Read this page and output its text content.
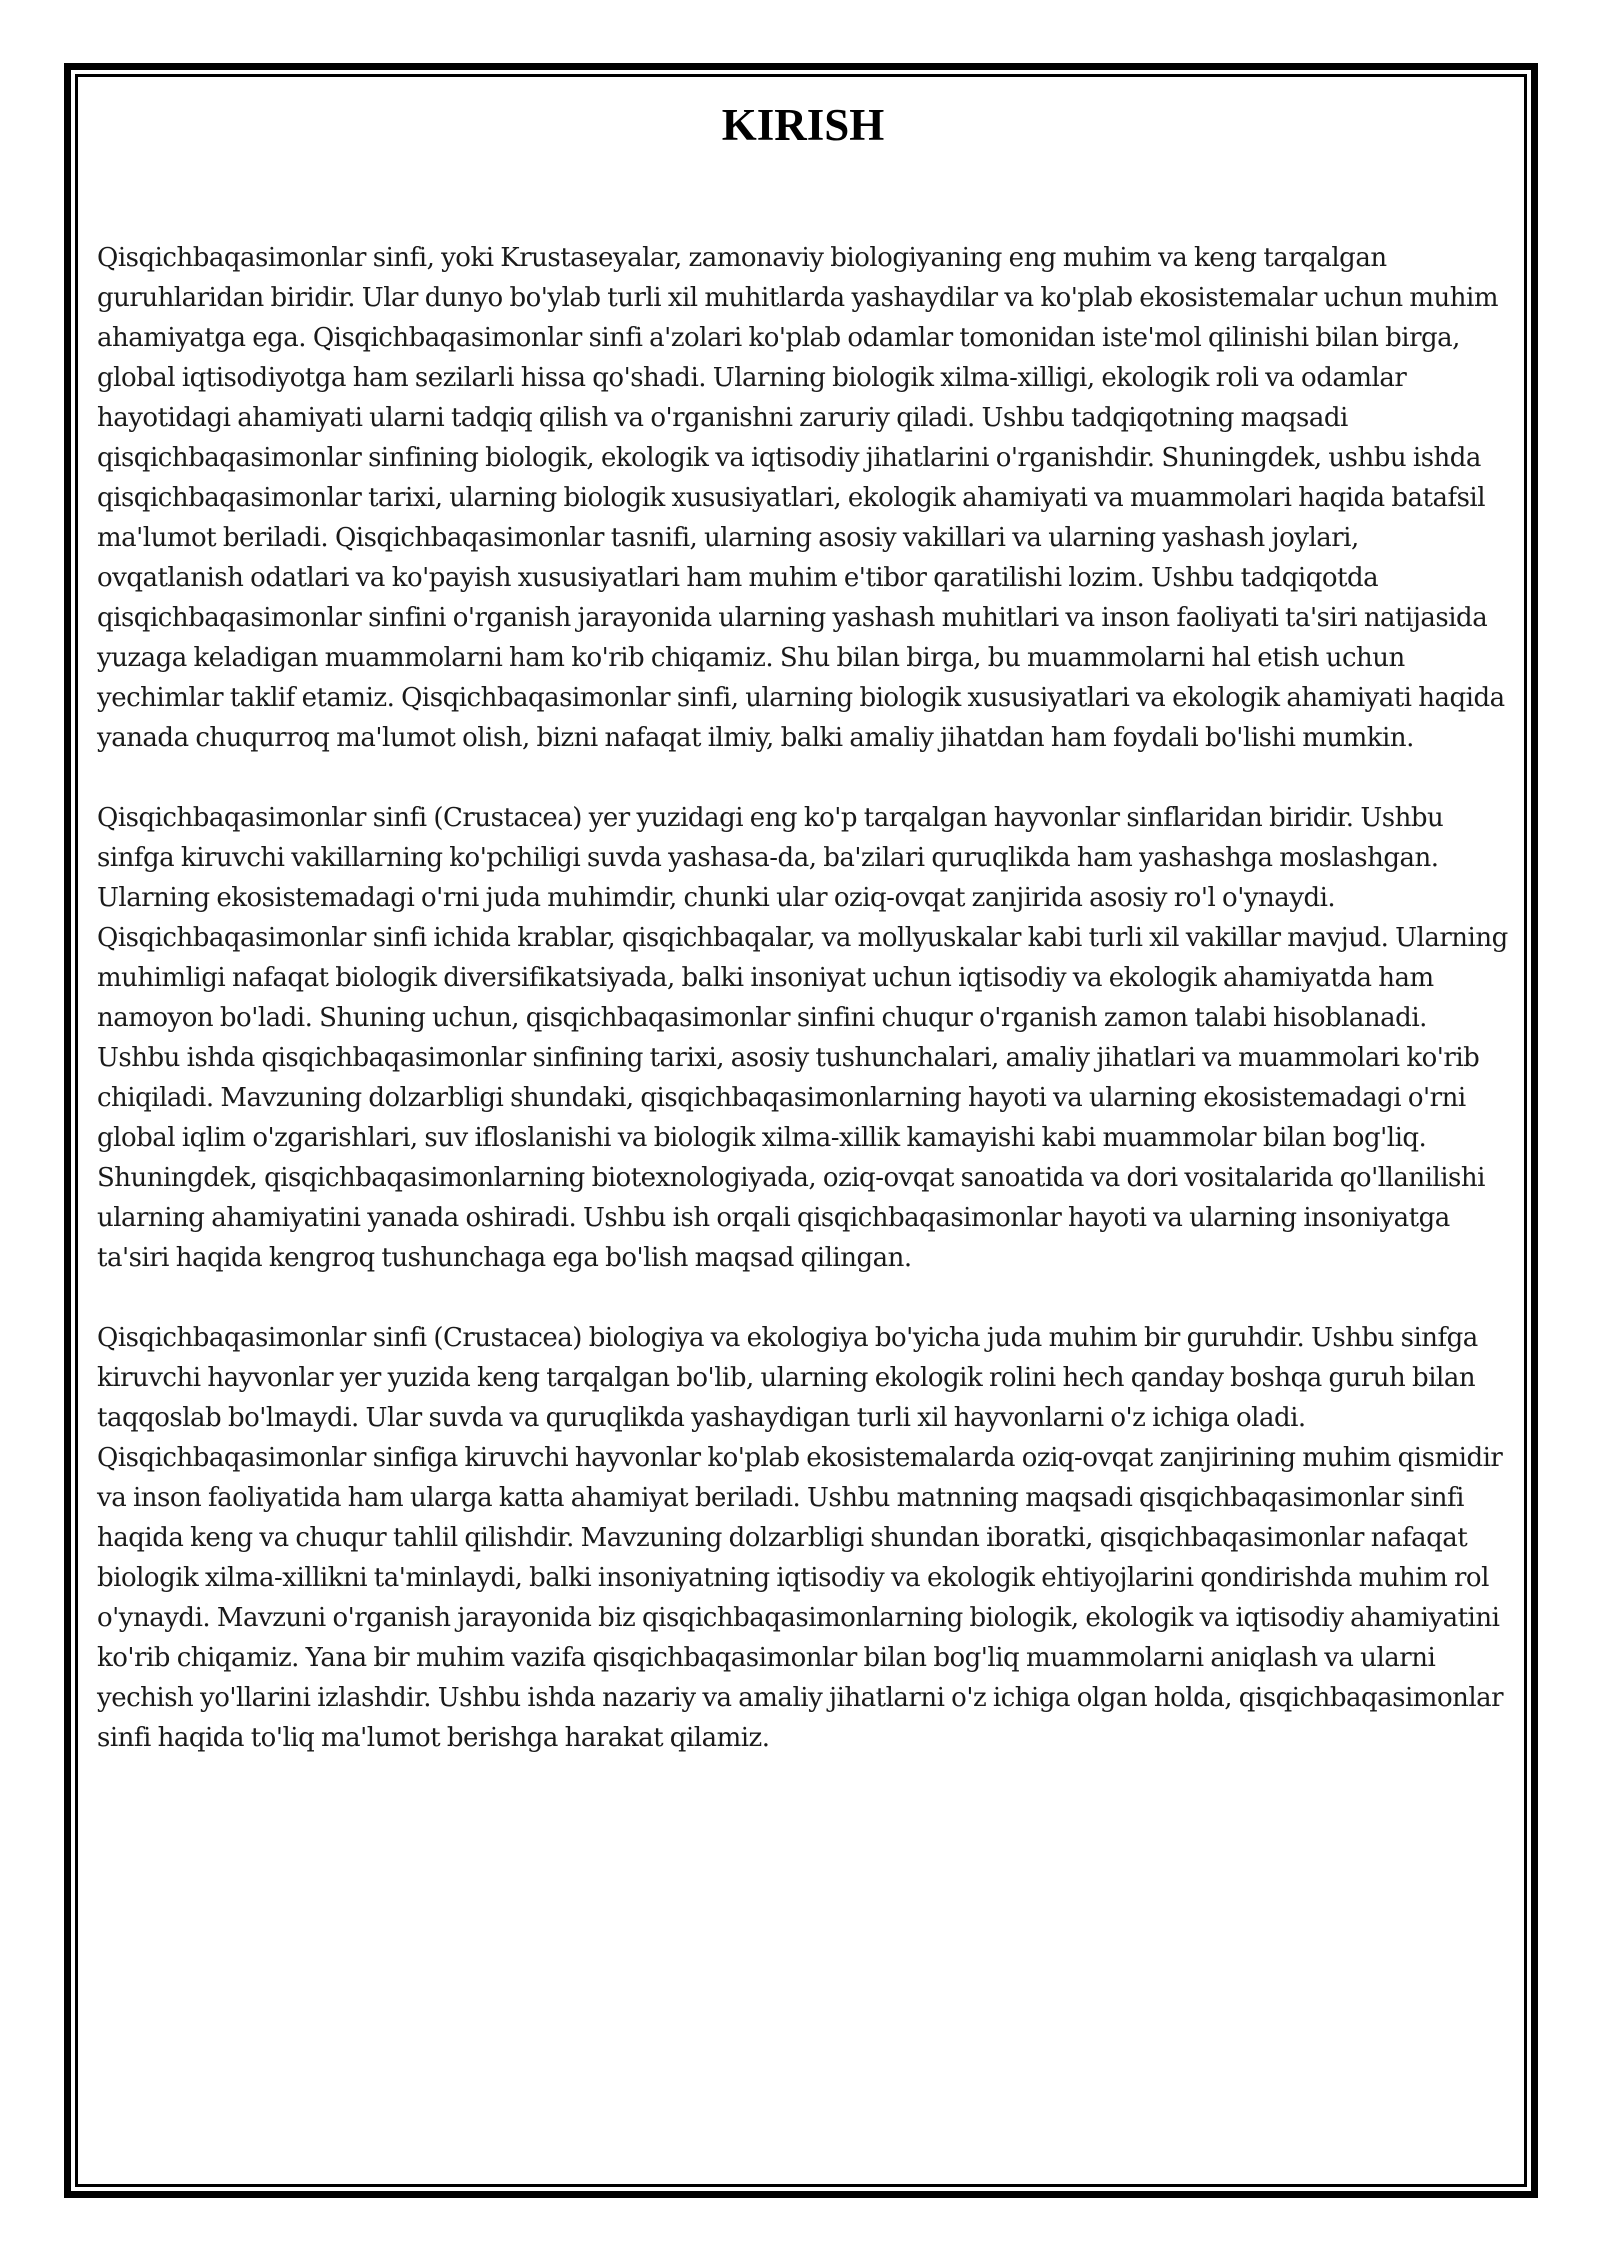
KIRISH

Qisqichbaqasimonlar sinfi, yoki Krustaseyalar, zamonaviy biologiyaning eng muhim va keng tarqalgan guruhlaridan biridir. Ular dunyo bo'ylab turli xil muhitlarda yashaydilar va ko'plab ekosistemalar uchun muhim ahamiyatga ega. Qisqichbaqasimonlar sinfi a'zolari ko'plab odamlar tomonidan iste'mol qilinishi bilan birga, global iqtisodiyotga ham sezilarli hissa qo'shadi. Ularning biologik xilma-xilligi, ekologik roli va odamlar hayotidagi ahamiyati ularni tadqiq qilish va o'rganishni zaruriy qiladi. Ushbu tadqiqotning maqsadi qisqichbaqasimonlar sinfining biologik, ekologik va iqtisodiy jihatlarini o'rganishdir. Shuningdek, ushbu ishda qisqichbaqasimonlar tarixi, ularning biologik xususiyatlari, ekologik ahamiyati va muammolari haqida batafsil ma'lumot beriladi. Qisqichbaqasimonlar tasnifi, ularning asosiy vakillari va ularning yashash joylari, ovqatlanish odatlari va ko'payish xususiyatlari ham muhim e'tibor qaratilishi lozim. Ushbu tadqiqotda qisqichbaqasimonlar sinfini o'rganish jarayonida ularning yashash muhitlari va inson faoliyati ta'siri natijasida yuzaga keladigan muammolarni ham ko'rib chiqamiz. Shu bilan birga, bu muammolarni hal etish uchun yechimlar taklif etamiz. Qisqichbaqasimonlar sinfi, ularning biologik xususiyatlari va ekologik ahamiyati haqida yanada chuqurroq ma'lumot olish, bizni nafaqat ilmiy, balki amaliy jihatdan ham foydali bo'lishi mumkin.

Qisqichbaqasimonlar sinfi (Crustacea) yer yuzidagi eng ko'p tarqalgan hayvonlar sinflaridan biridir. Ushbu sinfga kiruvchi vakillarning ko'pchiligi suvda yashasa-da, ba'zilari quruqlikda ham yashashga moslashgan. Ularning ekosistemadagi o'rni juda muhimdir, chunki ular oziq-ovqat zanjirida asosiy ro'l o'ynaydi. Qisqichbaqasimonlar sinfi ichida krablar, qisqichbaqalar, va mollyuskalar kabi turli xil vakillar mavjud. Ularning muhimligi nafaqat biologik diversifikatsiyada, balki insoniyat uchun iqtisodiy va ekologik ahamiyatda ham namoyon bo'ladi. Shuning uchun, qisqichbaqasimonlar sinfini chuqur o'rganish zamon talabi hisoblanadi. Ushbu ishda qisqichbaqasimonlar sinfining tarixi, asosiy tushunchalari, amaliy jihatlari va muammolari ko'rib chiqiladi. Mavzuning dolzarbligi shundaki, qisqichbaqasimonlarning hayoti va ularning ekosistemadagi o'rni global iqlim o'zgarishlari, suv ifloslanishi va biologik xilma-xillik kamayishi kabi muammolar bilan bog'liq. Shuningdek, qisqichbaqasimonlarning biotexnologiyada, oziq-ovqat sanoatida va dori vositalarida qo'llanilishi ularning ahamiyatini yanada oshiradi. Ushbu ish orqali qisqichbaqasimonlar hayoti va ularning insoniyatga ta'siri haqida kengroq tushunchaga ega bo'lish maqsad qilingan.

Qisqichbaqasimonlar sinfi (Crustacea) biologiya va ekologiya bo'yicha juda muhim bir guruhdir. Ushbu sinfga kiruvchi hayvonlar yer yuzida keng tarqalgan bo'lib, ularning ekologik rolini hech qanday boshqa guruh bilan taqqoslab bo'lmaydi. Ular suvda va quruqlikda yashaydigan turli xil hayvonlarni o'z ichiga oladi. Qisqichbaqasimonlar sinfiga kiruvchi hayvonlar ko'plab ekosistemalarda oziq-ovqat zanjirining muhim qismidir va inson faoliyatida ham ularga katta ahamiyat beriladi. Ushbu matnning maqsadi qisqichbaqasimonlar sinfi haqida keng va chuqur tahlil qilishdir. Mavzuning dolzarbligi shundan iboratki, qisqichbaqasimonlar nafaqat biologik xilma-xillikni ta'minlaydi, balki insoniyatning iqtisodiy va ekologik ehtiyojlarini qondirishda muhim rol o'ynaydi. Mavzuni o'rganish jarayonida biz qisqichbaqasimonlarning biologik, ekologik va iqtisodiy ahamiyatini ko'rib chiqamiz. Yana bir muhim vazifa qisqichbaqasimonlar bilan bog'liq muammolarni aniqlash va ularni yechish yo'llarini izlashdir. Ushbu ishda nazariy va amaliy jihatlarni o'z ichiga olgan holda, qisqichbaqasimonlar sinfi haqida to'liq ma'lumot berishga harakat qilamiz.
